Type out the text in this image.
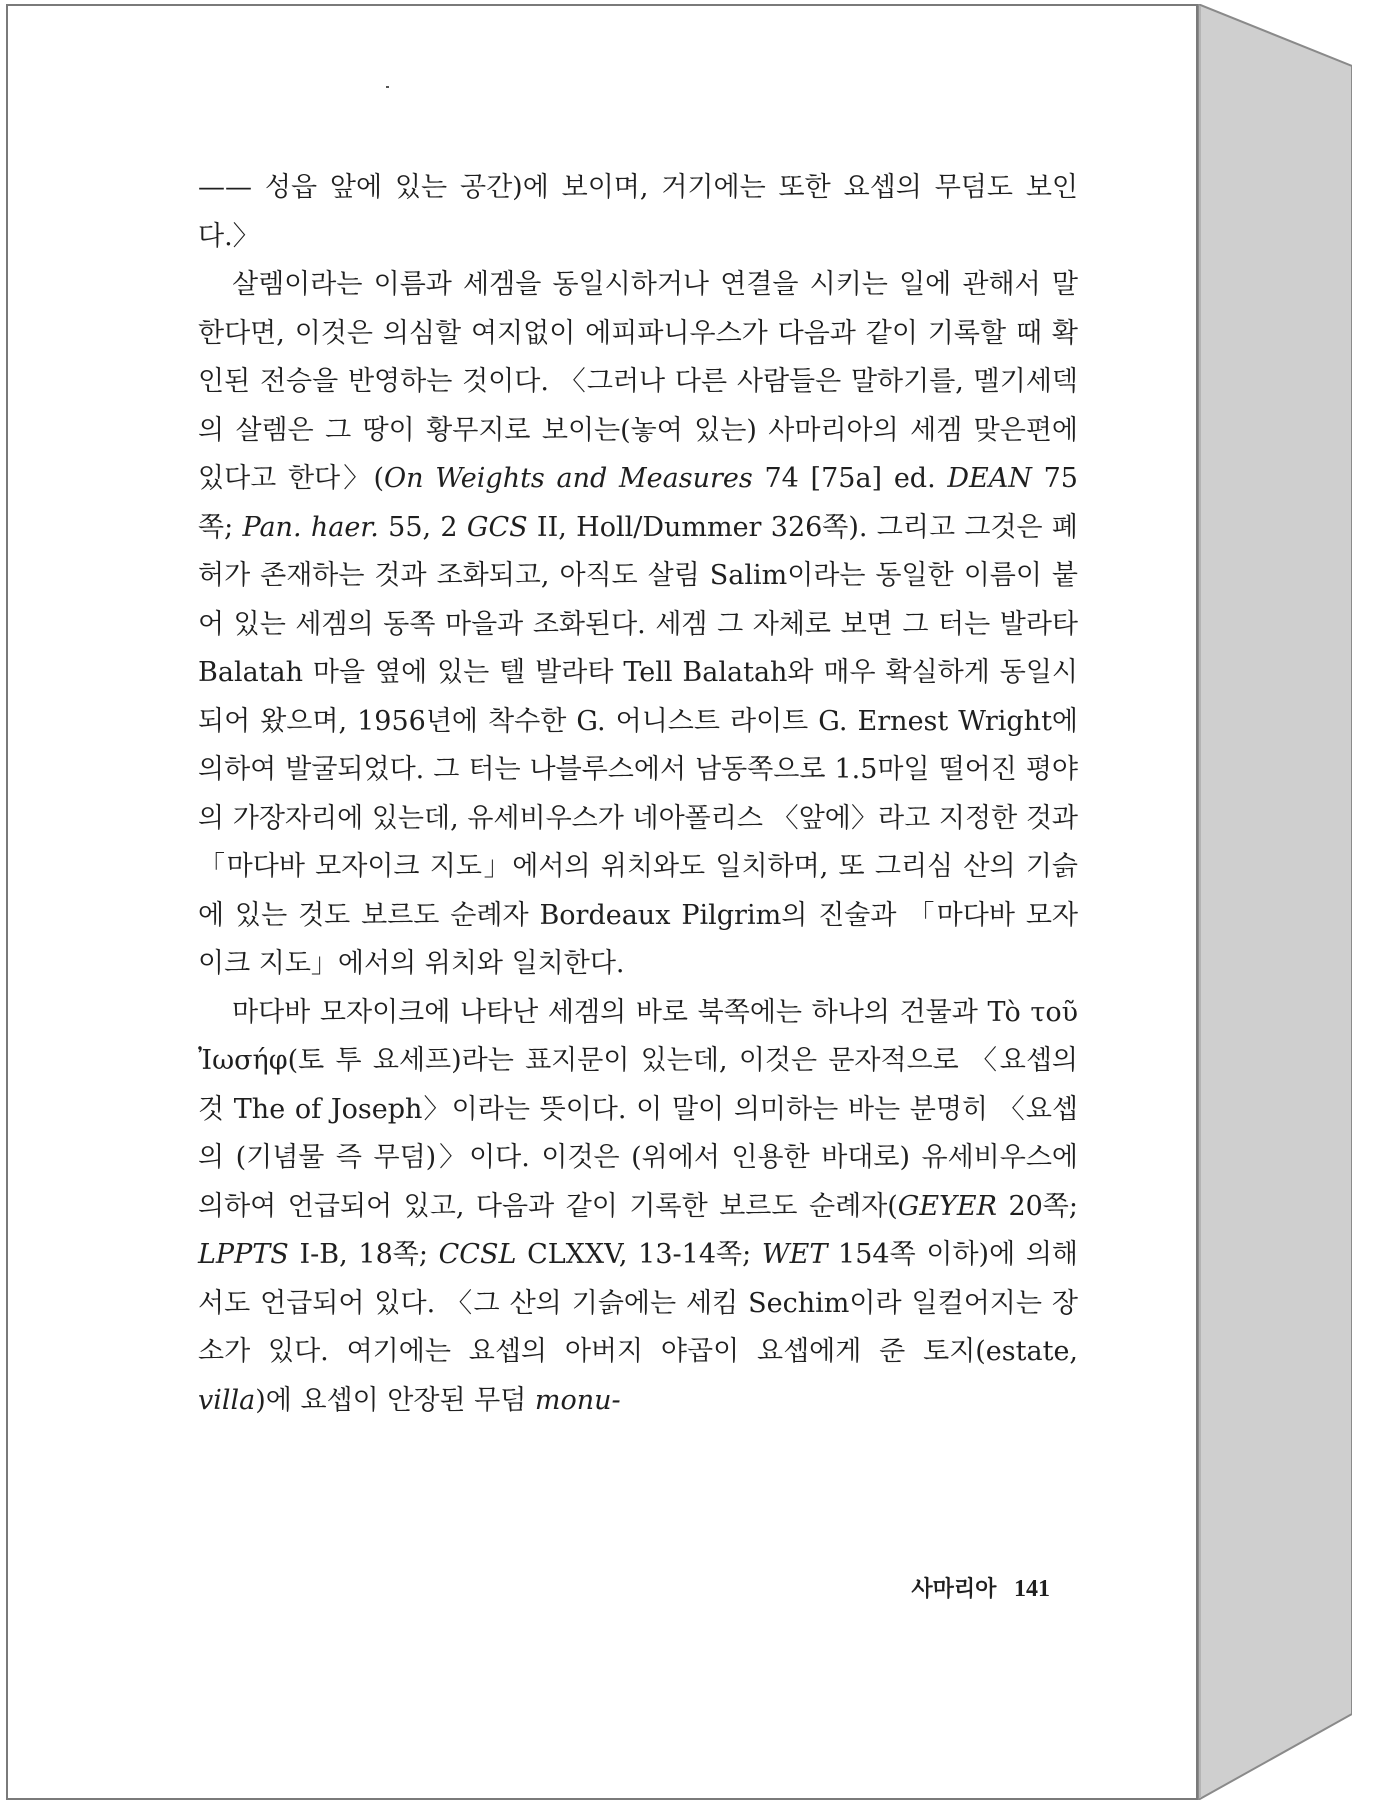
—— 성읍 앞에 있는 공간)에 보이며, 거기에는 또한 요셉의 무덤도 보인다.〉

살렘이라는 이름과 세겜을 동일시하거나 연결을 시키는 일에 관해서 말한다면, 이것은 의심할 여지없이 에피파니우스가 다음과 같이 기록할 때 확인된 전승을 반영하는 것이다. 〈그러나 다른 사람들은 말하기를, 멜기세덱의 살렘은 그 땅이 황무지로 보이는(놓여 있는) 사마리아의 세겜 맞은편에 있다고 한다〉(On Weights and Measures 74 [75a] ed. DEAN 75쪽; Pan. haer. 55, 2 GCS II, Holl/Dummer 326쪽). 그리고 그것은 폐허가 존재하는 것과 조화되고, 아직도 살림 Salim이라는 동일한 이름이 붙어 있는 세겜의 동쪽 마을과 조화된다. 세겜 그 자체로 보면 그 터는 발라타 Balatah 마을 옆에 있는 텔 발라타 Tell Balatah와 매우 확실하게 동일시되어 왔으며, 1956년에 착수한 G. 어니스트 라이트 G. Ernest Wright에 의하여 발굴되었다. 그 터는 나블루스에서 남동쪽으로 1.5마일 떨어진 평야의 가장자리에 있는데, 유세비우스가 네아폴리스 〈앞에〉라고 지정한 것과 「마다바 모자이크 지도」에서의 위치와도 일치하며, 또 그리심 산의 기슭에 있는 것도 보르도 순례자 Bordeaux Pilgrim의 진술과 「마다바 모자이크 지도」에서의 위치와 일치한다.

마다바 모자이크에 나타난 세겜의 바로 북쪽에는 하나의 건물과 Tò τοῦ Ἰωσήφ(토 투 요세프)라는 표지문이 있는데, 이것은 문자적으로 〈요셉의 것 The of Joseph〉이라는 뜻이다. 이 말이 의미하는 바는 분명히 〈요셉의 (기념물 즉 무덤)〉이다. 이것은 (위에서 인용한 바대로) 유세비우스에 의하여 언급되어 있고, 다음과 같이 기록한 보르도 순례자(GEYER 20쪽; LPPTS I-B, 18쪽; CCSL CLXXV, 13-14쪽; WET 154쪽 이하)에 의해서도 언급되어 있다. 〈그 산의 기슭에는 세킴 Sechim이라 일컬어지는 장소가 있다. 여기에는 요셉의 아버지 야곱이 요셉에게 준 토지(estate, villa)에 요셉이 안장된 무덤 monu-

사마리아 141
